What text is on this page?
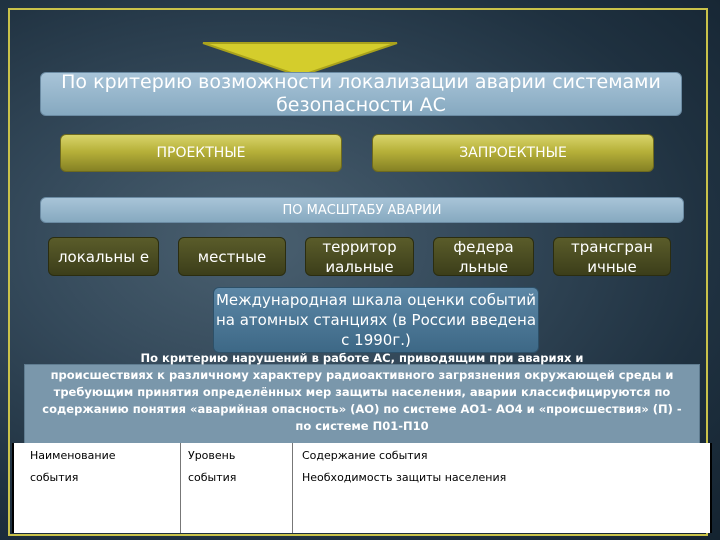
По критерию возможности локализации аварии системами безопасности АС
ПРОЕКТНЫЕ	ЗАПРОЕКТНЫЕ
ПО МАСШТАБУ АВАРИИ
локальны е	местные
территор иальные
федера льные
трансгран ичные
Международная шкала оценки событий на атомных станциях (в России введена с 1990г.)
происшествиях к различному характеру радиоактивного загрязнения окружающей среды и требующим принятия определённых мер защиты населения, аварии классифицируются по содержанию понятия «аварийная опасность» (АО) по системе АО1- АО4 и «происшествия» (П) - по системе П01-П10
По критерию нарушений в работе АС, приводящим при авариях и
Наименование	Уровень	Содержание события
события	события	Необходимость защиты населения
